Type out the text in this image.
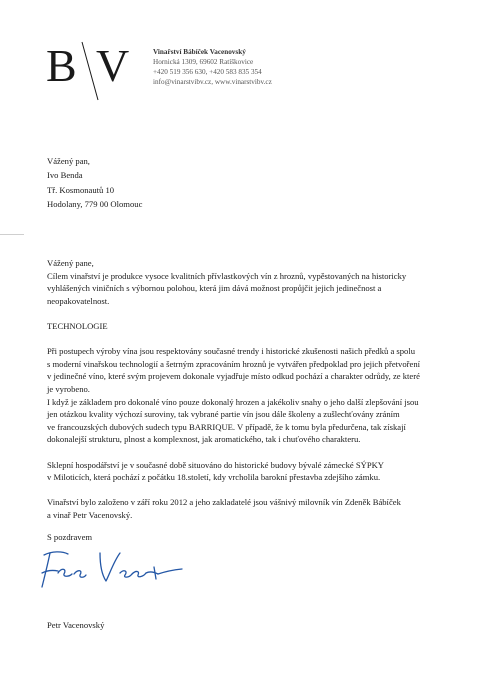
B V	Vinařství Bábíček Vacenovský
Hornická 1309, 69602 Ratíškovice
+420 519 356 630, +420 583 835 354
info@vinarstvibv.cz, www.vinarstvibv.cz
Vážený pan,
Ivo Benda
Tř. Kosmonautů 10
Hodolany, 779 00 Olomouc

Vážený pane,

Cílem vinařství je produkce vysoce kvalitních přívlastkových vín z hroznů, vypěstovaných na historicky

vyhlášených viničních s výbornou polohou, která jim dává možnost propůjčit jejich jedinečnost a

neopakovatelnost.

TECHNOLOGIE

Při postupech výroby vína jsou respektovány současné trendy i historické zkušenosti našich předků a spolu

s moderní vinařskou technologií a šetrným zpracováním hroznů je vytvářen předpoklad pro jejich přetvoření

v jedinečné víno, které svým projevem dokonale vyjadřuje místo odkud pochází a charakter odrůdy, ze které

je vyrobeno.

I když je základem pro dokonalé víno pouze dokonalý hrozen a jakékoliv snahy o jeho další zlepšování jsou

jen otázkou kvality výchozí suroviny, tak vybrané partie vín jsou dále školeny a zušlechťovány zráním

ve francouzských dubových sudech typu BARRIQUE. V případě, že k tomu byla předurčena, tak získají

dokonalejší strukturu, plnost a komplexnost, jak aromatického, tak i chuťového charakteru.

Sklepní hospodářství je v současné době situováno do historické budovy bývalé zámecké SÝPKY

v Miloticích, která pochází z počátku 18.století, kdy vrcholila barokní přestavba zdejšího zámku.

Vinařství bylo založeno v září roku 2012 a jeho zakladatelé jsou vášnivý milovník vín Zdeněk Bábíček

a vinař Petr Vacenovský.

S pozdravem
Petr Vacenovský
